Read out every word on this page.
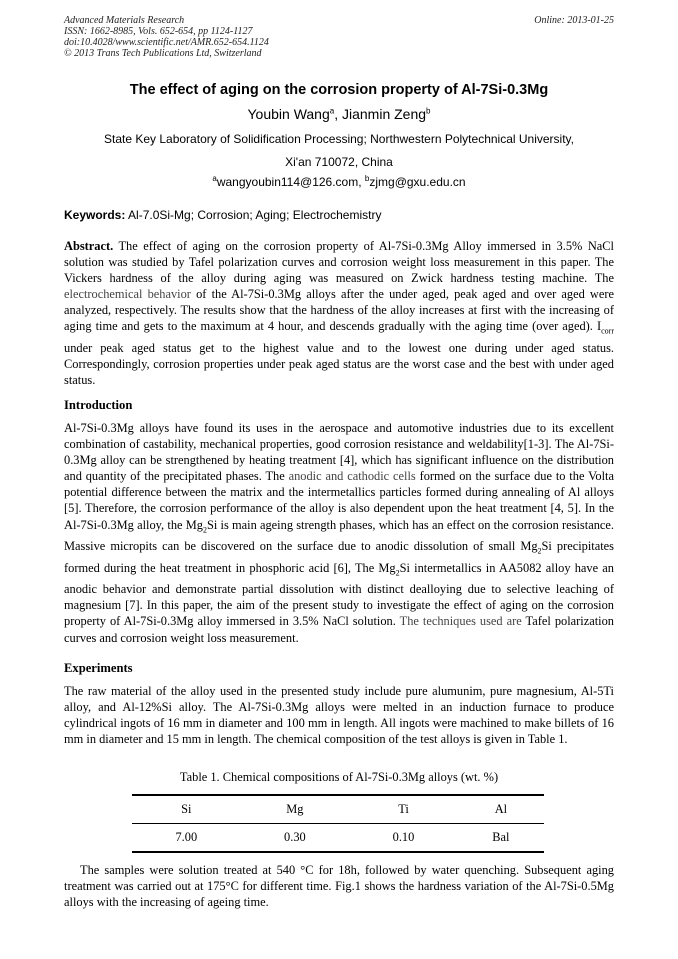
Advanced Materials Research
ISSN: 1662-8985, Vols. 652-654, pp 1124-1127
doi:10.4028/www.scientific.net/AMR.652-654.1124
© 2013 Trans Tech Publications Ltd, Switzerland
Online: 2013-01-25
The effect of aging on the corrosion property of Al-7Si-0.3Mg
Youbin Wang$^a$, Jianmin Zeng$^b$
State Key Laboratory of Solidification Processing; Northwestern Polytechnical University,
Xi'an 710072, China
$^a$wangyoubin114@126.com, $^b$zjmg@gxu.edu.cn
Keywords: Al-7.0Si-Mg; Corrosion; Aging; Electrochemistry
Abstract. The effect of aging on the corrosion property of Al-7Si-0.3Mg Alloy immersed in 3.5% NaCl solution was studied by Tafel polarization curves and corrosion weight loss measurement in this paper. The Vickers hardness of the alloy during aging was measured on Zwick hardness testing machine. The electrochemical behavior of the Al-7Si-0.3Mg alloys after the under aged, peak aged and over aged were analyzed, respectively. The results show that the hardness of the alloy increases at first with the increasing of aging time and gets to the maximum at 4 hour, and descends gradually with the aging time (over aged). $I_{corr}$ under peak aged status get to the highest value and to the lowest one during under aged status. Correspondingly, corrosion properties under peak aged status are the worst case and the best with under aged status.
Introduction
Al-7Si-0.3Mg alloys have found its uses in the aerospace and automotive industries due to its excellent combination of castability, mechanical properties, good corrosion resistance and weldability[1-3]. The Al-7Si-0.3Mg alloy can be strengthened by heating treatment [4], which has significant influence on the distribution and quantity of the precipitated phases. The anodic and cathodic cells formed on the surface due to the Volta potential difference between the matrix and the intermetallics particles formed during annealing of Al alloys [5]. Therefore, the corrosion performance of the alloy is also dependent upon the heat treatment [4, 5]. In the Al-7Si-0.3Mg alloy, the $Mg_2Si$ is main ageing strength phases, which has an effect on the corrosion resistance. Massive micropits can be discovered on the surface due to anodic dissolution of small $Mg_2Si$ precipitates formed during the heat treatment in phosphoric acid [6], The $Mg_2Si$ intermetallics in AA5082 alloy have an anodic behavior and demonstrate partial dissolution with distinct dealloying due to selective leaching of magnesium [7]. In this paper, the aim of the present study to investigate the effect of aging on the corrosion property of Al-7Si-0.3Mg alloy immersed in 3.5% NaCl solution. The techniques used are Tafel polarization curves and corrosion weight loss measurement.
Experiments
The raw material of the alloy used in the presented study include pure alumunim, pure magnesium, Al-5Ti alloy, and Al-12%Si alloy. The Al-7Si-0.3Mg alloys were melted in an induction furnace to produce cylindrical ingots of 16 mm in diameter and 100 mm in length. All ingots were machined to make billets of 16 mm in diameter and 15 mm in length. The chemical composition of the test alloys is given in Table 1.
Table 1. Chemical compositions of Al-7Si-0.3Mg alloys (wt. %)
Si	Mg	Ti	Al
7.00	0.30	0.10	Bal
The samples were solution treated at 540 °C for 18h, followed by water quenching. Subsequent aging treatment was carried out at 175°C for different time. Fig.1 shows the hardness variation of the Al-7Si-0.5Mg alloys with the increasing of ageing time.
